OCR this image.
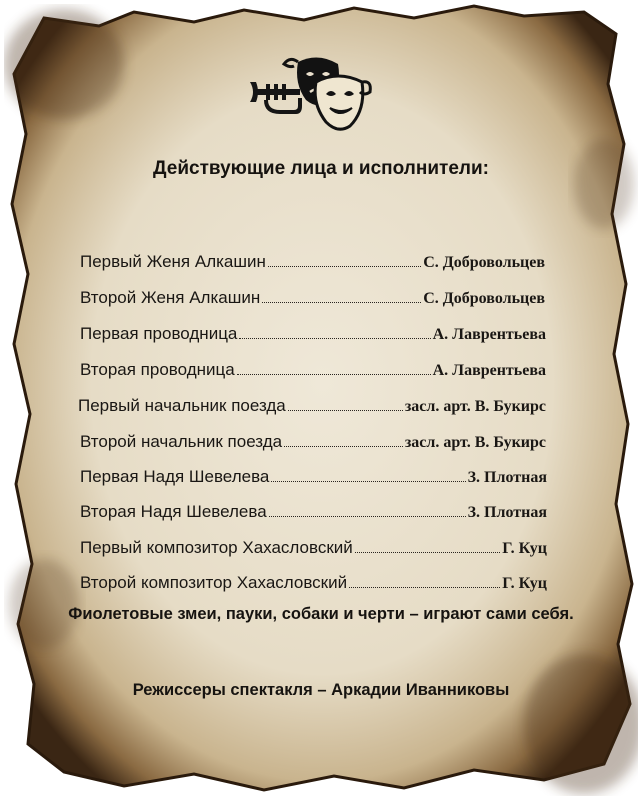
Действующие лица и исполнители:
Первый Женя Алкашин	С. Добровольцев
Второй Женя Алкашин	С. Добровольцев
Первая проводница	А. Лаврентьева
Вторая проводница	А. Лаврентьева
Первый начальник поезда	засл. арт. В. Букирс
Второй начальник поезда	засл. арт. В. Букирс
Первая Надя Шевелева	З. Плотная
Вторая Надя Шевелева	З. Плотная
Первый композитор Хахасловский	Г. Куц
Второй композитор Хахасловский	Г. Куц
Фиолетовые змеи, пауки, собаки и черти – играют сами себя.
Режиссеры спектакля – Аркадии Иванниковы
